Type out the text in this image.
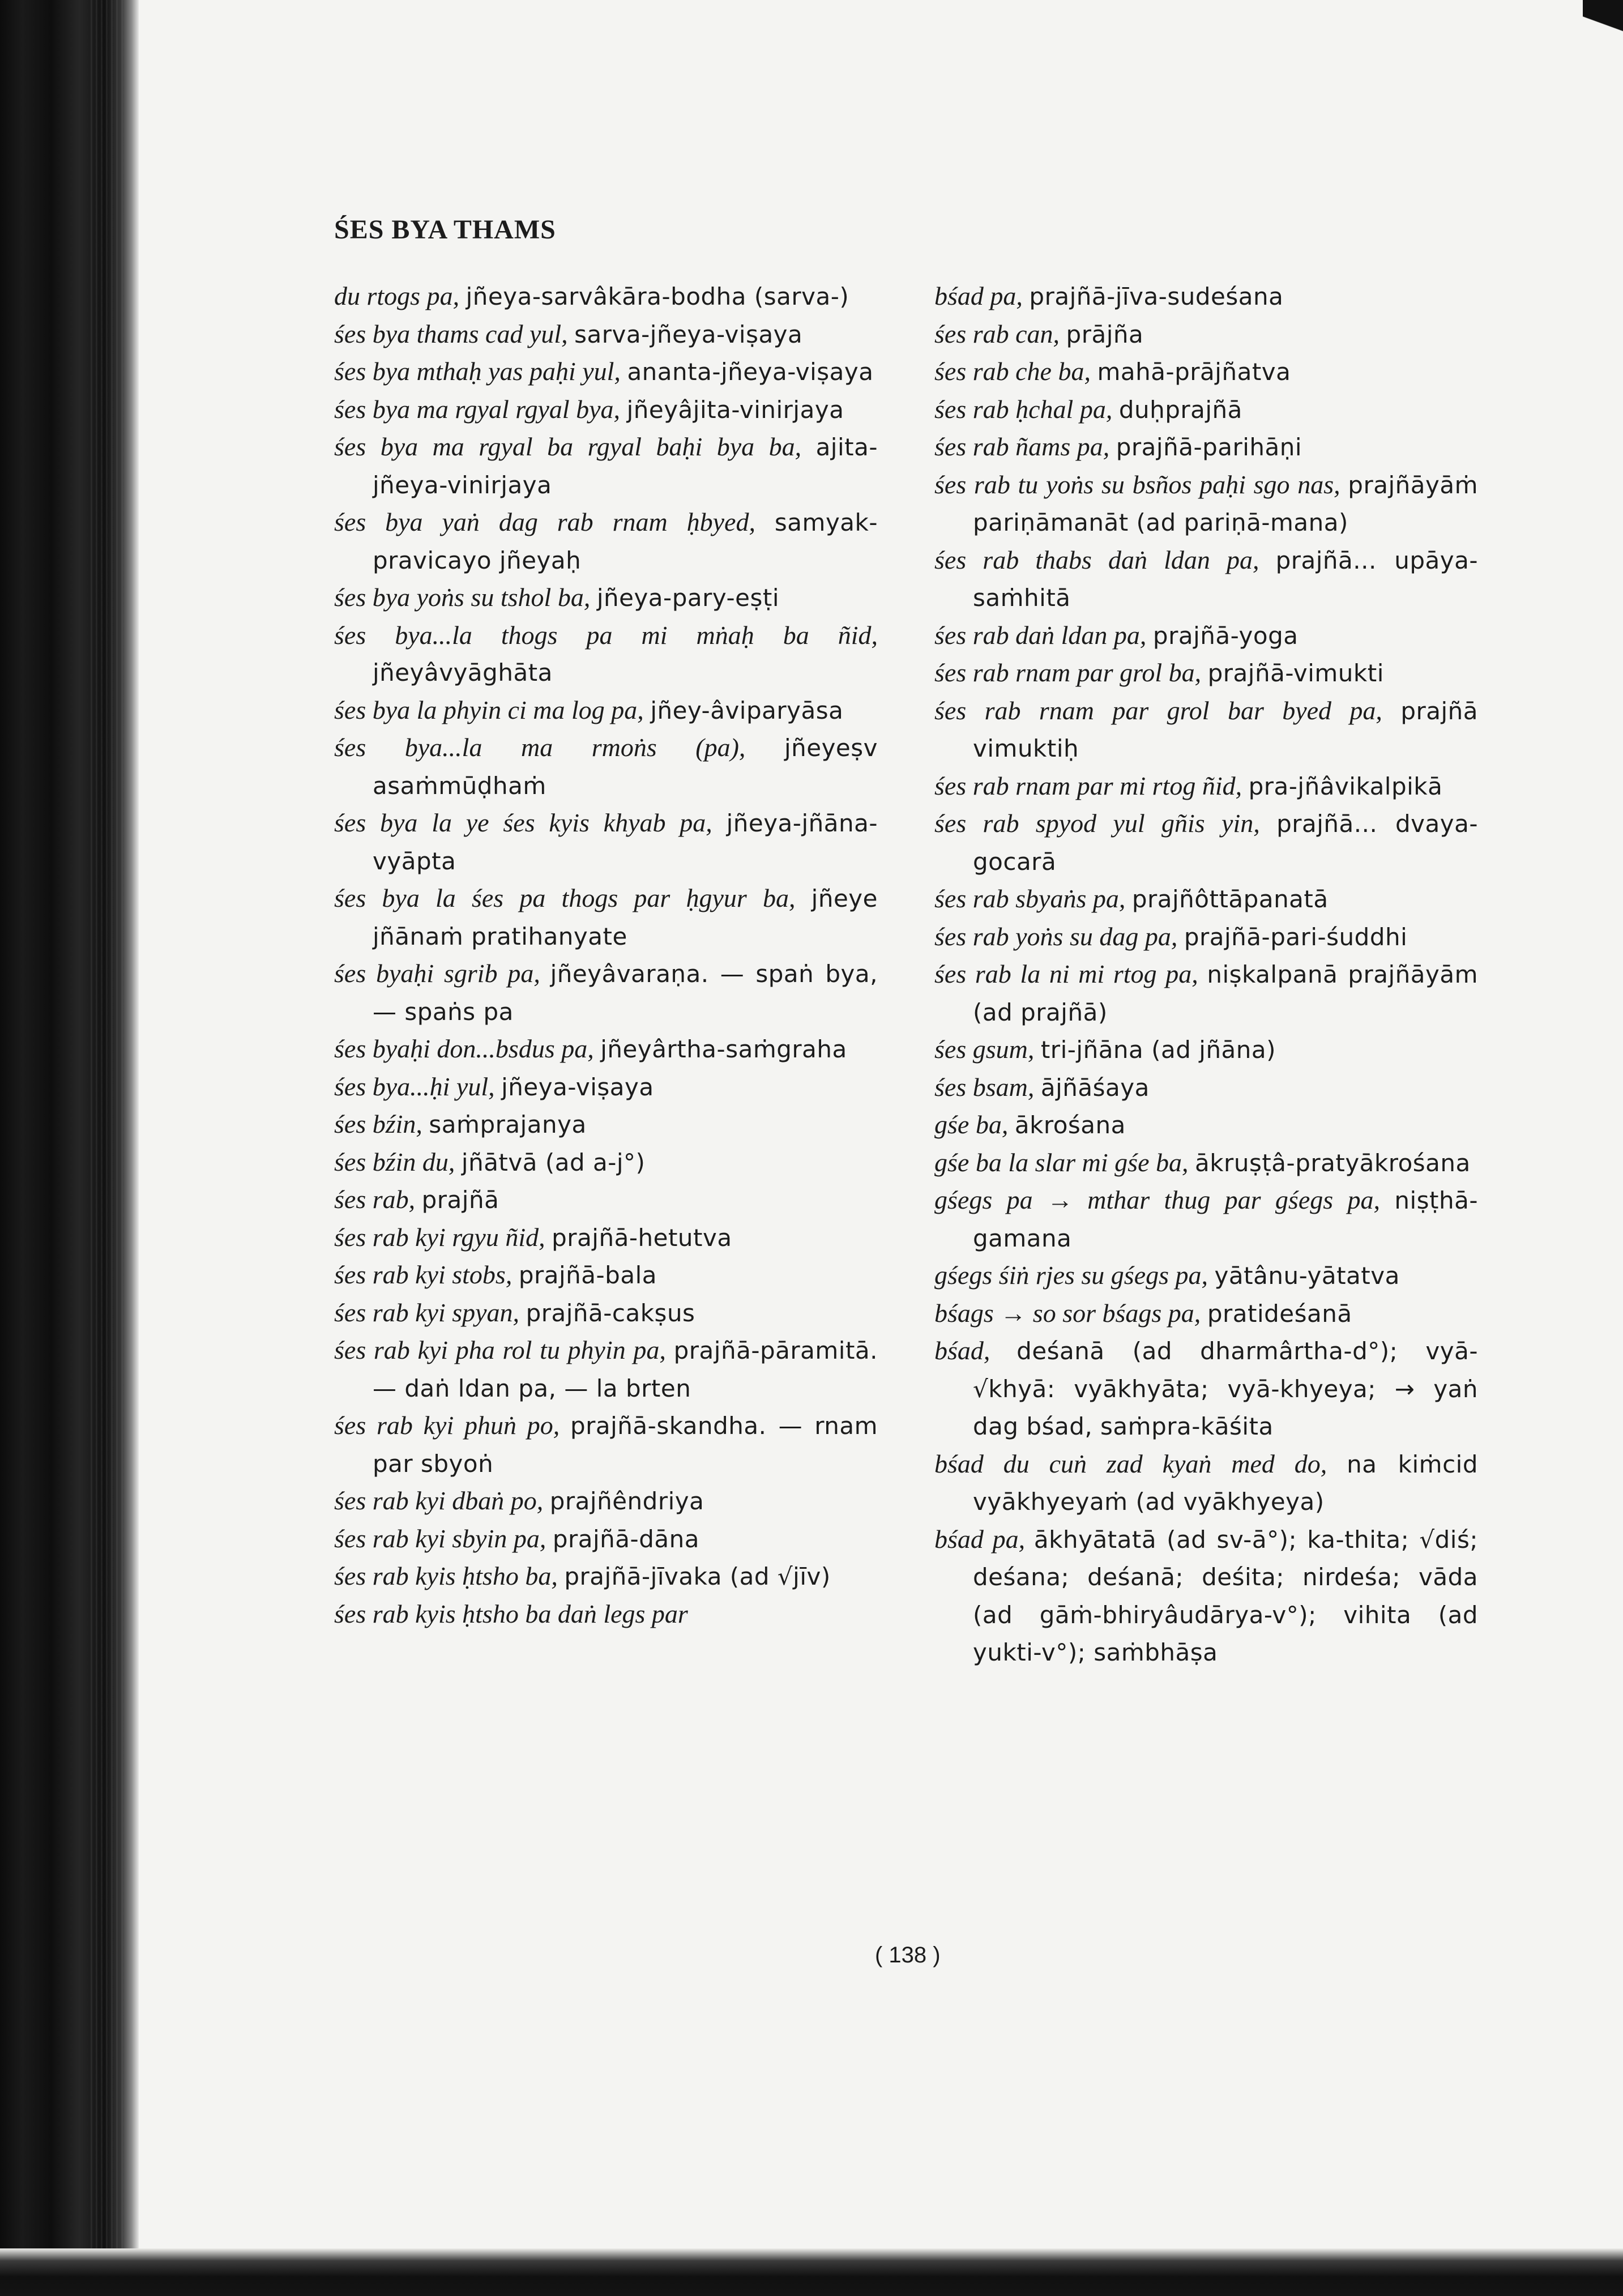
ŚES BYA THAMS
du rtogs pa, jñeya-sarvâkāra-bodha (sarva-)
śes bya thams cad yul, sarva-jñeya-viṣaya
śes bya mthaḥ yas paḥi yul, ananta-jñeya-viṣaya
śes bya ma rgyal rgyal bya, jñeyâjita-vinirjaya
śes bya ma rgyal ba rgyal baḥi bya ba, ajita-jñeya-vinirjaya
śes bya yaṅ dag rab rnam ḥbyed, samyak-pravicayo jñeyaḥ
śes bya yoṅs su tshol ba, jñeya-pary-eṣṭi
śes bya...la thogs pa mi mṅaḥ ba ñid, jñeyâvyāghāta
śes bya la phyin ci ma log pa, jñey-âviparyāsa
śes bya...la ma rmoṅs (pa), jñeyeṣv asaṁmūḍhaṁ
śes bya la ye śes kyis khyab pa, jñeya-jñāna-vyāpta
śes bya la śes pa thogs par ḥgyur ba, jñeye jñānaṁ pratihanyate
śes byaḥi sgrib pa, jñeyâvaraṇa. — spaṅ bya, — spaṅs pa
śes byaḥi don...bsdus pa, jñeyârtha-saṁgraha
śes bya...ḥi yul, jñeya-viṣaya
śes bźin, saṁprajanya
śes bźin du, jñātvā (ad a-j°)
śes rab, prajñā
śes rab kyi rgyu ñid, prajñā-hetutva
śes rab kyi stobs, prajñā-bala
śes rab kyi spyan, prajñā-cakṣus
śes rab kyi pha rol tu phyin pa, prajñā-pāramitā. — daṅ ldan pa, — la brten
śes rab kyi phuṅ po, prajñā-skandha. — rnam par sbyoṅ
śes rab kyi dbaṅ po, prajñêndriya
śes rab kyi sbyin pa, prajñā-dāna
śes rab kyis ḥtsho ba, prajñā-jīvaka (ad √jīv)
śes rab kyis ḥtsho ba daṅ legs par
bśad pa, prajñā-jīva-sudeśana
śes rab can, prājña
śes rab che ba, mahā-prājñatva
śes rab ḥchal pa, duḥprajñā
śes rab ñams pa, prajñā-parihāṇi
śes rab tu yoṅs su bsños paḥi sgo nas, prajñāyāṁ pariṇāmanāt (ad pariṇā-mana)
śes rab thabs daṅ ldan pa, prajñā... upāya-saṁhitā
śes rab daṅ ldan pa, prajñā-yoga
śes rab rnam par grol ba, prajñā-vimukti
śes rab rnam par grol bar byed pa, prajñā vimuktiḥ
śes rab rnam par mi rtog ñid, pra-jñâvikalpikā
śes rab spyod yul gñis yin, prajñā... dvaya-gocarā
śes rab sbyaṅs pa, prajñôttāpanatā
śes rab yoṅs su dag pa, prajñā-pari-śuddhi
śes rab la ni mi rtog pa, niṣkalpanā prajñāyām (ad prajñā)
śes gsum, tri-jñāna (ad jñāna)
śes bsam, ājñāśaya
gśe ba, ākrośana
gśe ba la slar mi gśe ba, ākruṣṭâ-pratyākrośana
gśegs pa → mthar thug par gśegs pa, niṣṭhā-gamana
gśegs śiṅ rjes su gśegs pa, yātânu-yātatva
bśags → so sor bśags pa, pratideśanā
bśad, deśanā (ad dharmârtha-d°); vyā-√khyā: vyākhyāta; vyā-khyeya; → yaṅ dag bśad, saṁpra-kāśita
bśad du cuṅ zad kyaṅ med do, na kiṁcid vyākhyeyaṁ (ad vyākhyeya)
bśad pa, ākhyātatā (ad sv-ā°); ka-thita; √diś; deśana; deśanā; deśita; nirdeśa; vāda (ad gāṁ-bhiryâudārya-v°); vihita (ad yukti-v°); saṁbhāṣa
( 138 )
